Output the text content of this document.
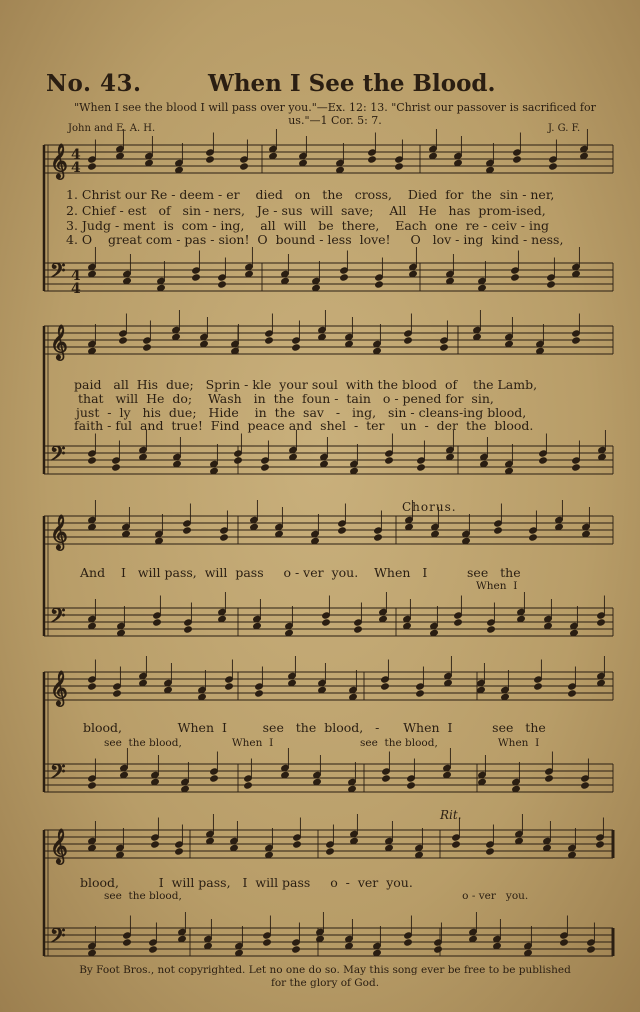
No. 43.	When I See the Blood.
"When I see the blood I will pass over you."—Ex. 12: 13. "Christ our passover is sacrificed for us."—1 Cor. 5: 7.
John and E. A. H.	J. G. F.
𝄞
𝄢
𝄞
𝄢
𝄞
𝄢
𝄞
𝄢
𝄞
𝄢
4
4
4
4
1. Christ our Re - deem - er    died   on   the   cross,    Died  for  the  sin - ner,
2. Chief - est   of   sin - ners,   Je - sus  will  save;    All   He   has  prom-ised,
3. Judg - ment  is  com - ing,    all  will   be  there,    Each  one  re - ceiv - ing
4. O    great com - pas - sion!  O  bound - less  love!     O   lov - ing  kind - ness,
paid   all  His  due;   Sprin - kle  your soul  with the blood  of    the Lamb,
that   will  He  do;    Wash   in  the  foun -  tain   o - pened for  sin,
just  -  ly   his  due;   Hide    in  the  sav   -   ing,   sin - cleans-ing blood,
faith - ful  and  true!  Find  peace and  shel  -  ter    un  -  der  the  blood.
Chorus.
And    I   will pass,  will  pass     o - ver  you.    When   I          see   the
When  I
blood,              When  I         see   the  blood,   -      When  I          see   the
see  the blood,               When  I                          see  the blood,                  When  I
Rit.
blood,          I  will pass,   I  will pass     o  -  ver  you.
see  the blood,                                                                                    o - ver   you.
By Foot Bros., not copyrighted. Let no one do so. May this song ever be free to be published for the glory of God.
